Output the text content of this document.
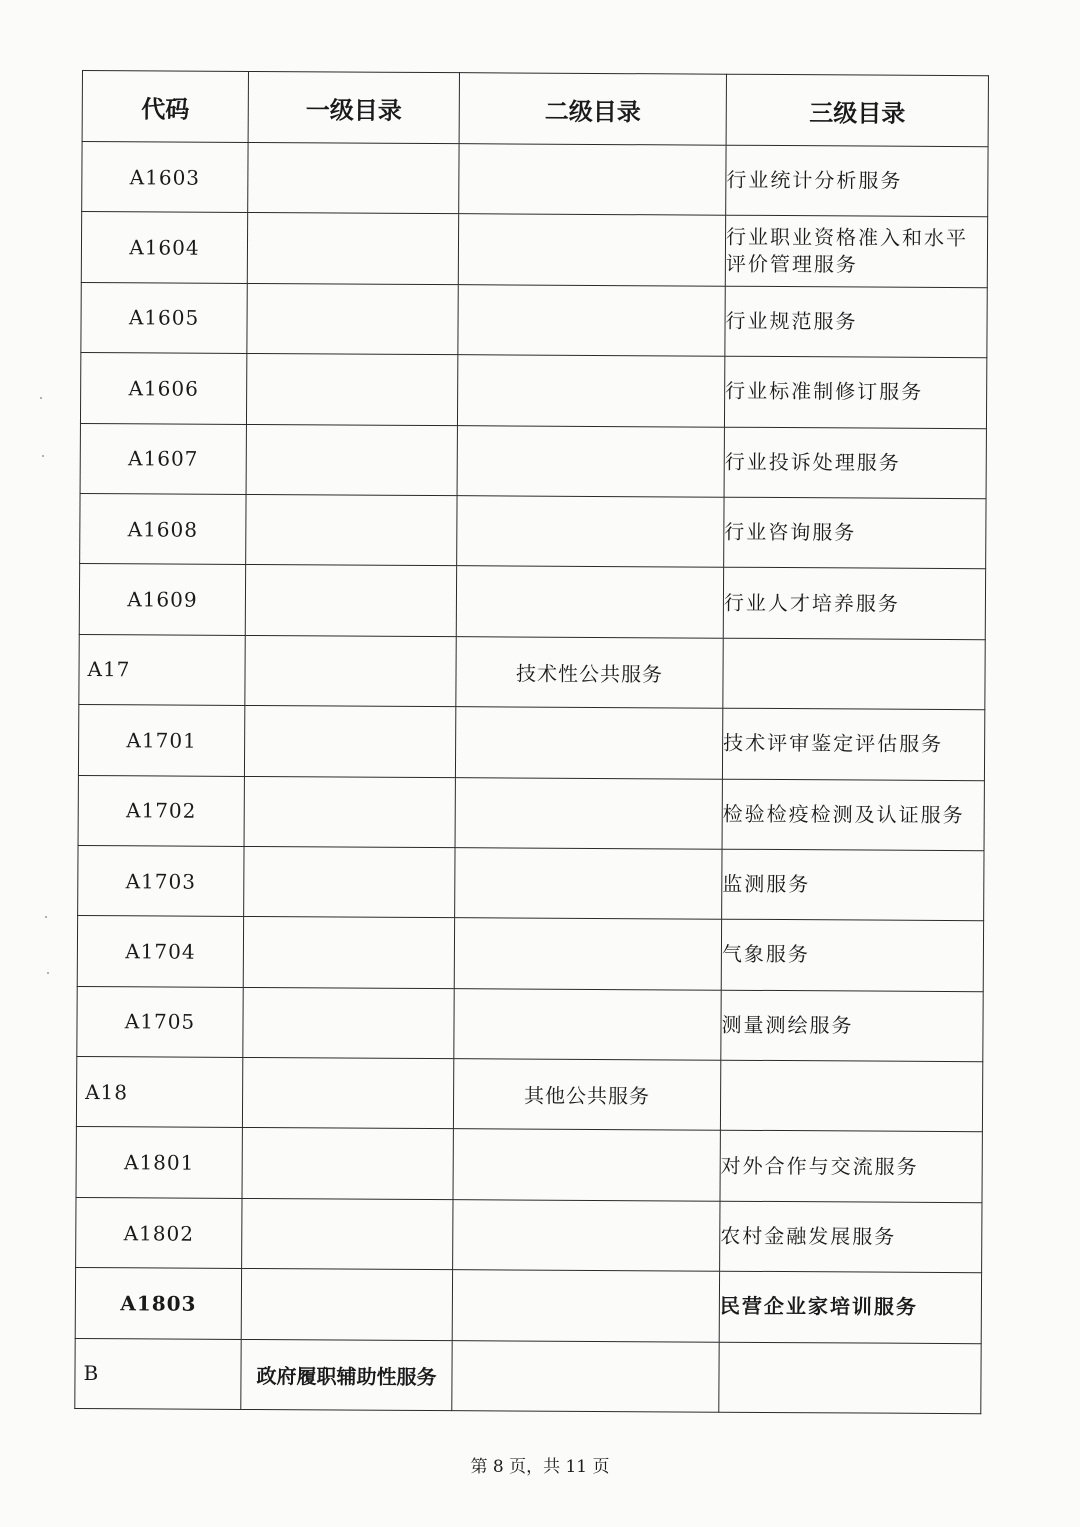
代码	一级目录	二级目录	三级目录
A1603			行业统计分析服务
A1604			行业职业资格准入和水平评价管理服务
A1605			行业规范服务
A1606			行业标准制修订服务
A1607			行业投诉处理服务
A1608			行业咨询服务
A1609			行业人才培养服务
A17		技术性公共服务	
A1701			技术评审鉴定评估服务
A1702			检验检疫检测及认证服务
A1703			监测服务
A1704			气象服务
A1705			测量测绘服务
A18		其他公共服务	
A1801			对外合作与交流服务
A1802			农村金融发展服务
A1803			民营企业家培训服务
B	政府履职辅助性服务		
第 8 页，共 11 页
